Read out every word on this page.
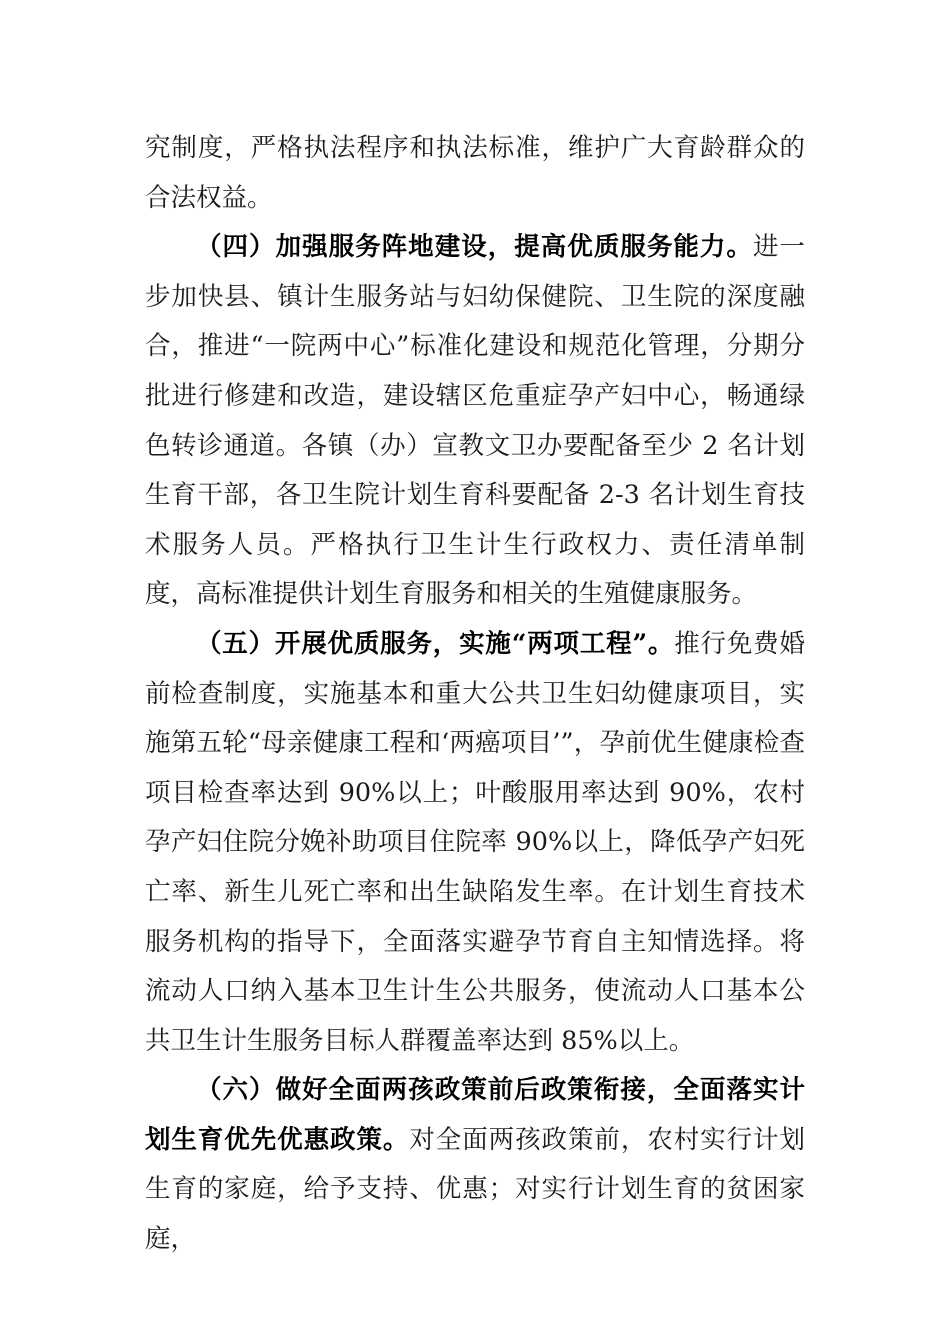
究制度，严格执法程序和执法标准，维护广大育龄群众的合法权益。

（四）加强服务阵地建设，提高优质服务能力。进一步加快县、镇计生服务站与妇幼保健院、卫生院的深度融合，推进“一院两中心”标准化建设和规范化管理，分期分批进行修建和改造，建设辖区危重症孕产妇中心，畅通绿色转诊通道。各镇（办）宣教文卫办要配备至少 2 名计划生育干部，各卫生院计划生育科要配备 2-3 名计划生育技术服务人员。严格执行卫生计生行政权力、责任清单制度，高标准提供计划生育服务和相关的生殖健康服务。

（五）开展优质服务，实施“两项工程”。推行免费婚前检查制度，实施基本和重大公共卫生妇幼健康项目，实施第五轮“母亲健康工程和‘两癌项目’”，孕前优生健康检查项目检查率达到 90%以上；叶酸服用率达到 90%，农村孕产妇住院分娩补助项目住院率 90%以上，降低孕产妇死亡率、新生儿死亡率和出生缺陷发生率。在计划生育技术服务机构的指导下，全面落实避孕节育自主知情选择。将流动人口纳入基本卫生计生公共服务，使流动人口基本公共卫生计生服务目标人群覆盖率达到 85%以上。

（六）做好全面两孩政策前后政策衔接，全面落实计划生育优先优惠政策。对全面两孩政策前，农村实行计划生育的家庭，给予支持、优惠；对实行计划生育的贫困家庭，
